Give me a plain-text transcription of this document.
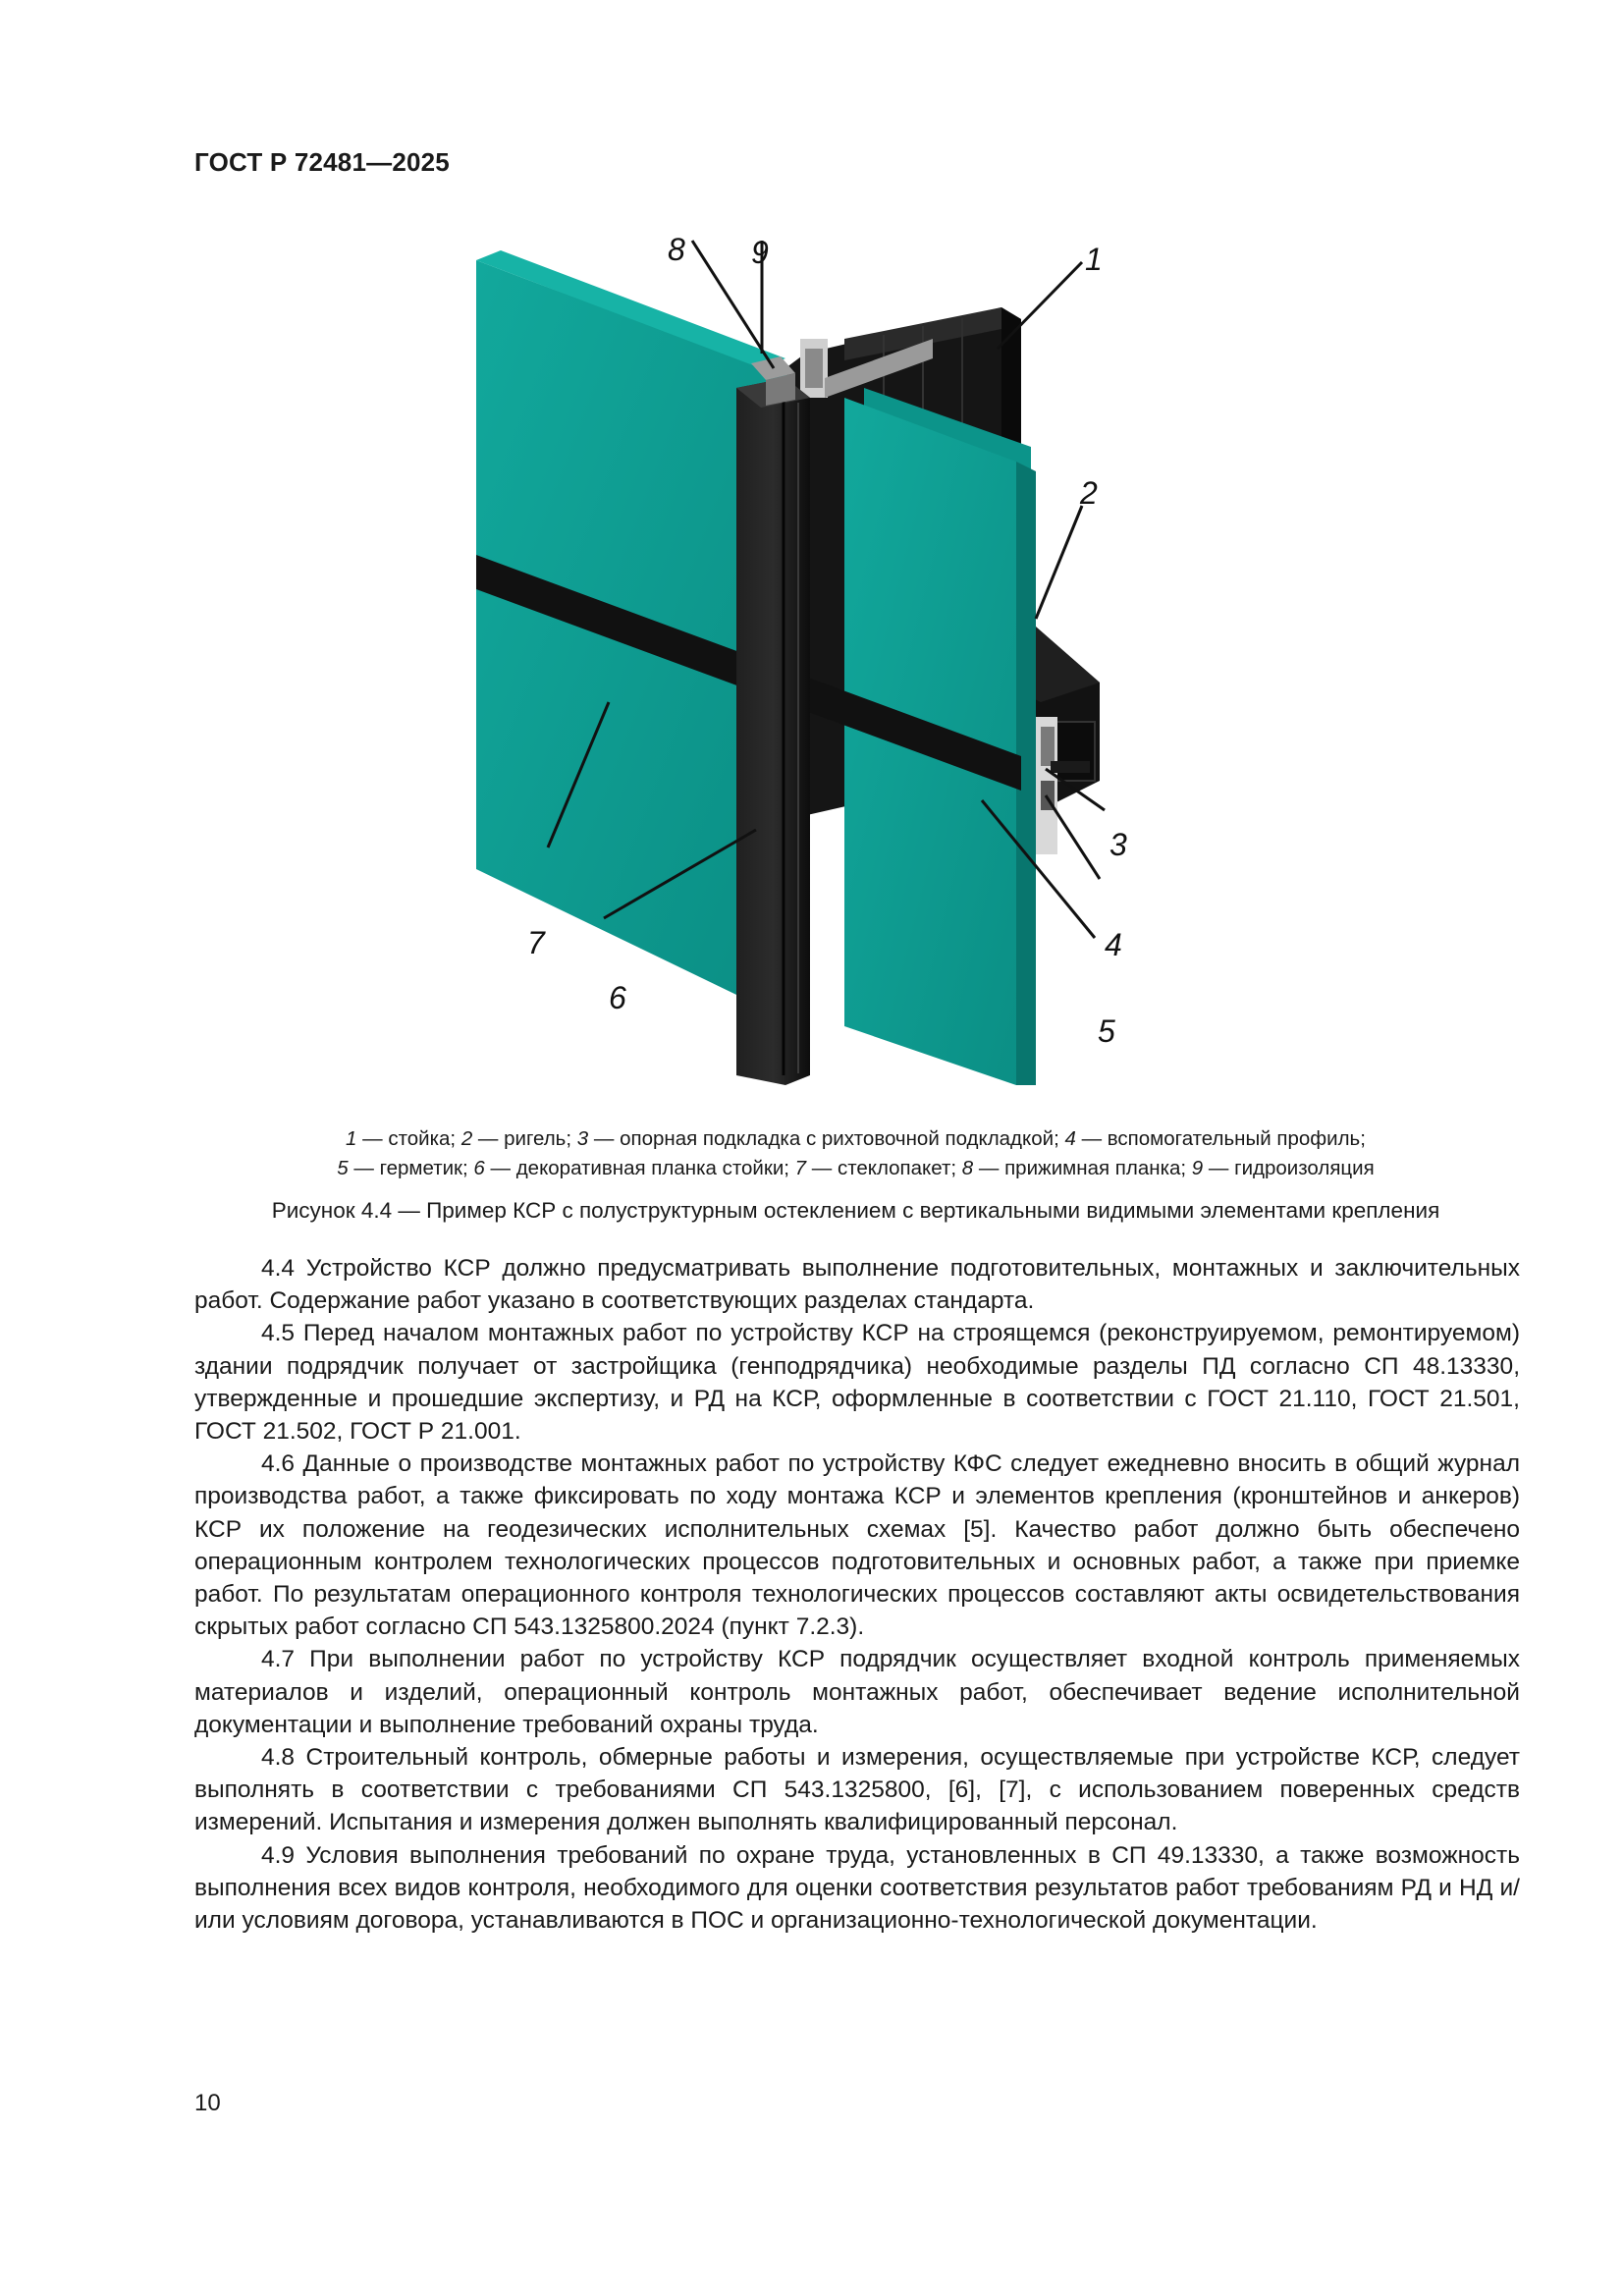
ГОСТ Р 72481—2025
8 9	1
2
3
4
5
6
7
1 — стойка; 2 — ригель; 3 — опорная подкладка с рихтовочной подкладкой; 4 — вспомогательный профиль;
5 — герметик; 6 — декоративная планка стойки; 7 — стеклопакет; 8 — прижимная планка; 9 — гидроизоляция
Рисунок 4.4 — Пример КСР с полуструктурным остеклением с вертикальными видимыми элементами крепления

4.4 Устройство КСР должно предусматривать выполнение подготовительных, монтажных и заключительных работ. Содержание работ указано в соответствующих разделах стандарта.

4.5 Перед началом монтажных работ по устройству КСР на строящемся (реконструируемом, ремонтируемом) здании подрядчик получает от застройщика (генподрядчика) необходимые разделы ПД согласно СП 48.13330, утвержденные и прошедшие экспертизу, и РД на КСР, оформленные в соответствии с ГОСТ 21.110, ГОСТ 21.501, ГОСТ 21.502, ГОСТ Р 21.001.

4.6 Данные о производстве монтажных работ по устройству КФС следует ежедневно вносить в общий журнал производства работ, а также фиксировать по ходу монтажа КСР и элементов крепления (кронштейнов и анкеров) КСР их положение на геодезических исполнительных схемах [5]. Качество работ должно быть обеспечено операционным контролем технологических процессов подготовительных и основных работ, а также при приемке работ. По результатам операционного контроля технологических процессов составляют акты освидетельствования скрытых работ согласно СП 543.1325800.2024 (пункт 7.2.3).

4.7 При выполнении работ по устройству КСР подрядчик осуществляет входной контроль применяемых материалов и изделий, операционный контроль монтажных работ, обеспечивает ведение исполнительной документации и выполнение требований охраны труда.

4.8 Строительный контроль, обмерные работы и измерения, осуществляемые при устройстве КСР, следует выполнять в соответствии с требованиями СП 543.1325800, [6], [7], с использованием поверенных средств измерений. Испытания и измерения должен выполнять квалифицированный персонал.

4.9 Условия выполнения требований по охране труда, установленных в СП 49.13330, а также возможность выполнения всех видов контроля, необходимого для оценки соответствия результатов работ требованиям РД и НД и/или условиям договора, устанавливаются в ПОС и организационно-технологической документации.

10
